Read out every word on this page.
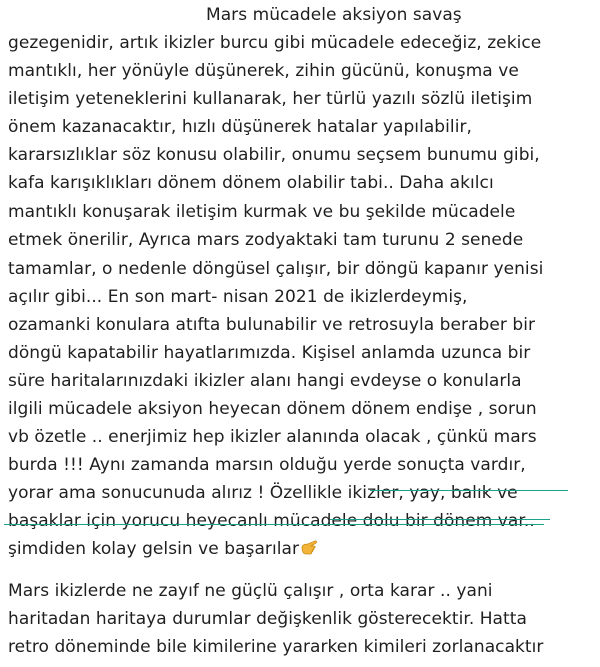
Mars mücadele aksiyon savaş
gezegenidir, artık ikizler burcu gibi mücadele edeceğiz, zekice
mantıklı, her yönüyle düşünerek, zihin gücünü, konuşma ve
iletişim yeteneklerini kullanarak, her türlü yazılı sözlü iletişim
önem kazanacaktır, hızlı düşünerek hatalar yapılabilir,
kararsızlıklar söz konusu olabilir, onumu seçsem bunumu gibi,
kafa karışıklıkları dönem dönem olabilir tabi.. Daha akılcı
mantıklı konuşarak iletişim kurmak ve bu şekilde mücadele
etmek önerilir, Ayrıca mars zodyaktaki tam turunu 2 senede
tamamlar, o nedenle döngüsel çalışır, bir döngü kapanır yenisi
açılır gibi... En son mart- nisan 2021 de ikizlerdeymiş,
ozamanki konulara atıfta bulunabilir ve retrosuyla beraber bir
döngü kapatabilir hayatlarımızda. Kişisel anlamda uzunca bir
süre haritalarınızdaki ikizler alanı hangi evdeyse o konularla
ilgili mücadele aksiyon heyecan dönem dönem endişe , sorun
vb özetle .. enerjimiz hep ikizler alanında olacak , çünkü mars
burda !!! Aynı zamanda marsın olduğu yerde sonuçta vardır,
yorar ama sonucunuda alırız ! Özellikle ikizler, yay, balık ve
başaklar için yorucu heyecanlı mücadele dolu bir dönem var..
şimdiden kolay gelsin ve başarılar
Mars ikizlerde ne zayıf ne güçlü çalışır , orta karar .. yani
haritadan haritaya durumlar değişkenlik gösterecektir. Hatta
retro döneminde bile kimilerine yararken kimileri zorlanacaktır
